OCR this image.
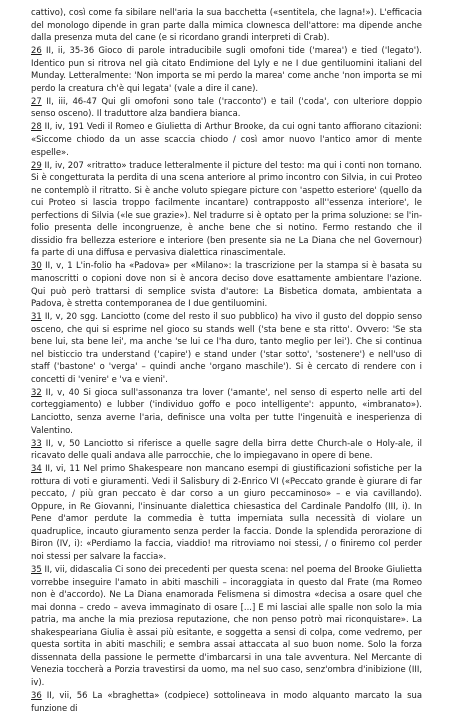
cattivo), così come fa sibilare nell'aria la sua bacchetta («sentitela, che lagna!»). L'efficacia del monologo dipende in gran parte dalla mimica clownesca dell'attore: ma dipende anche dalla presenza muta del cane (e si ricordano grandi interpreti di Crab).

26 II, ii, 35-36 Gioco di parole intraducibile sugli omofoni tide ('marea') e tied ('legato'). Identico pun si ritrova nel già citato Endimione del Lyly e ne I due gentiluomini italiani del Munday. Letteralmente: 'Non importa se mi perdo la marea' come anche 'non importa se mi perdo la creatura ch'è qui legata' (vale a dire il cane).

27 II, iii, 46-47 Qui gli omofoni sono tale ('racconto') e tail ('coda', con ulteriore doppio senso osceno). Il traduttore alza bandiera bianca.

28 II, iv, 191 Vedi il Romeo e Giulietta di Arthur Brooke, da cui ogni tanto affiorano citazioni: «Siccome chiodo da un asse scaccia chiodo / così amor nuovo l'antico amor di mente espelle».

29 II, iv, 207 «ritratto» traduce letteralmente il picture del testo: ma qui i conti non tornano. Si è congetturata la perdita di una scena anteriore al primo incontro con Silvia, in cui Proteo ne contemplò il ritratto. Si è anche voluto spiegare picture con 'aspetto esteriore' (quello da cui Proteo si lascia troppo facilmente incantare) contrapposto all''essenza interiore', le perfections di Silvia («le sue grazie»). Nel tradurre si è optato per la prima soluzione: se l'in-folio presenta delle incongruenze, è anche bene che si notino. Fermo restando che il dissidio fra bellezza esteriore e interiore (ben presente sia ne La Diana che nel Governour) fa parte di una diffusa e pervasiva dialettica rinascimentale.

30 II, v, 1 L'in-folio ha «Padova» per «Milano»: la trascrizione per la stampa si è basata su manoscritti o copioni dove non si è ancora deciso dove esattamente ambientare l'azione. Qui può però trattarsi di semplice svista d'autore: La Bisbetica domata, ambientata a Padova, è stretta contemporanea de I due gentiluomini.

31 II, v, 20 sgg. Lanciotto (come del resto il suo pubblico) ha vivo il gusto del doppio senso osceno, che qui si esprime nel gioco su stands well ('sta bene e sta ritto'. Ovvero: 'Se sta bene lui, sta bene lei', ma anche 'se lui ce l'ha duro, tanto meglio per lei'). Che si continua nel bisticcio tra understand ('capire') e stand under ('star sotto', 'sostenere') e nell'uso di staff ('bastone' o 'verga' – quindi anche 'organo maschile'). Si è cercato di rendere con i concetti di 'venire' e 'va e vieni'.

32 II, v, 40 Si gioca sull'assonanza tra lover ('amante', nel senso di esperto nelle arti del corteggiamento) e lubber ('individuo goffo e poco intelligente': appunto, «imbranato»). Lanciotto, senza averne l'aria, definisce una volta per tutte l'ingenuità e inesperienza di Valentino.

33 II, v, 50 Lanciotto si riferisce a quelle sagre della birra dette Church-ale o Holy-ale, il ricavato delle quali andava alle parrocchie, che lo impiegavano in opere di bene.

34 II, vi, 11 Nel primo Shakespeare non mancano esempi di giustificazioni sofistiche per la rottura di voti e giuramenti. Vedi il Salisbury di 2-Enrico VI («Peccato grande è giurare di far peccato, / più gran peccato è dar corso a un giuro peccaminoso» – e via cavillando). Oppure, in Re Giovanni, l'insinuante dialettica chiesastica del Cardinale Pandolfo (III, i). In Pene d'amor perdute la commedia è tutta imperniata sulla necessità di violare un quadruplice, incauto giuramento senza perder la faccia. Donde la splendida perorazione di Biron (IV, i): «Perdiamo la faccia, viaddio! ma ritroviamo noi stessi, / o finiremo col perder noi stessi per salvare la faccia».

35 II, vii, didascalia Ci sono dei precedenti per questa scena: nel poema del Brooke Giulietta vorrebbe inseguire l'amato in abiti maschili – incoraggiata in questo dal Frate (ma Romeo non è d'accordo). Ne La Diana enamorada Felismena si dimostra «decisa a osare quel che mai donna – credo – aveva immaginato di osare [...] E mi lasciai alle spalle non solo la mia patria, ma anche la mia preziosa reputazione, che non penso potrò mai riconquistare». La shakespeariana Giulia è assai più esitante, e soggetta a sensi di colpa, come vedremo, per questa sortita in abiti maschili; e sembra assai attaccata al suo buon nome. Solo la forza dissennata della passione le permette d'imbarcarsi in una tale avventura. Nel Mercante di Venezia toccherà a Porzia travestirsi da uomo, ma nel suo caso, senz'ombra d'inibizione (III, iv).

36 II, vii, 56 La «braghetta» (codpiece) sottolineava in modo alquanto marcato la sua funzione di
